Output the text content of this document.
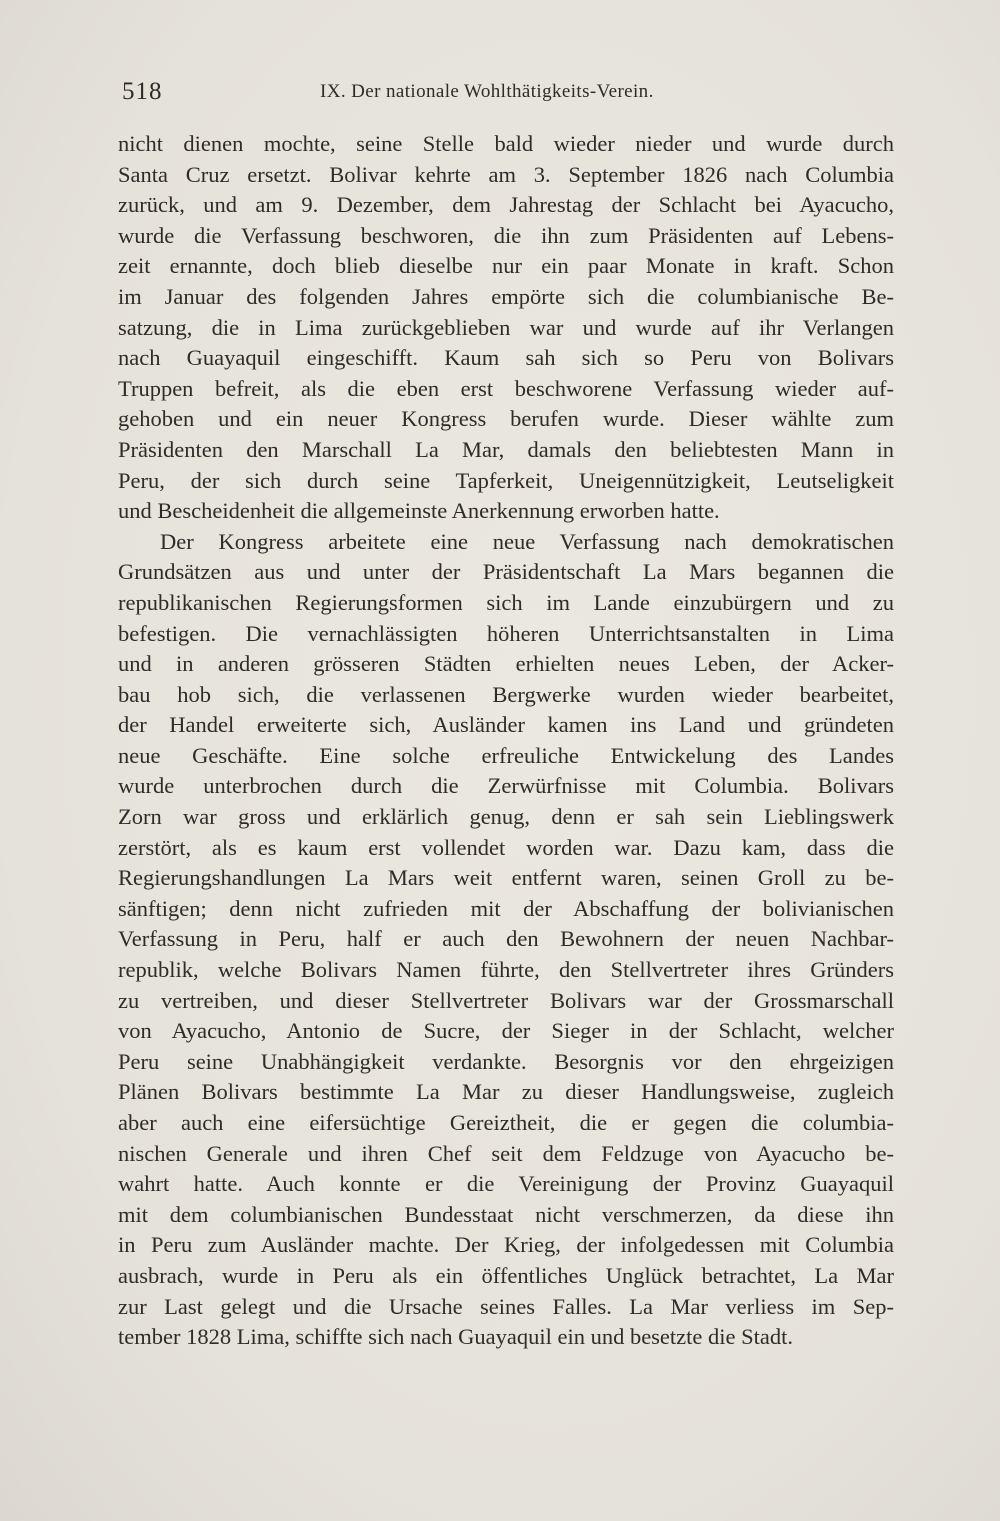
518	IX. Der nationale Wohlthätigkeits-Verein.
nicht dienen mochte, seine Stelle bald wieder nieder und wurde durch
Santa Cruz ersetzt. Bolivar kehrte am 3. September 1826 nach Columbia
zurück, und am 9. Dezember, dem Jahrestag der Schlacht bei Ayacucho,
wurde die Verfassung beschworen, die ihn zum Präsidenten auf Lebens-
zeit ernannte, doch blieb dieselbe nur ein paar Monate in kraft. Schon
im Januar des folgenden Jahres empörte sich die columbianische Be-
satzung, die in Lima zurückgeblieben war und wurde auf ihr Verlangen
nach Guayaquil eingeschifft. Kaum sah sich so Peru von Bolivars
Truppen befreit, als die eben erst beschworene Verfassung wieder auf-
gehoben und ein neuer Kongress berufen wurde. Dieser wählte zum
Präsidenten den Marschall La Mar, damals den beliebtesten Mann in
Peru, der sich durch seine Tapferkeit, Uneigennützigkeit, Leutseligkeit
und Bescheidenheit die allgemeinste Anerkennung erworben hatte.
Der Kongress arbeitete eine neue Verfassung nach demokratischen
Grundsätzen aus und unter der Präsidentschaft La Mars begannen die
republikanischen Regierungsformen sich im Lande einzubürgern und zu
befestigen. Die vernachlässigten höheren Unterrichtsanstalten in Lima
und in anderen grösseren Städten erhielten neues Leben, der Acker-
bau hob sich, die verlassenen Bergwerke wurden wieder bearbeitet,
der Handel erweiterte sich, Ausländer kamen ins Land und gründeten
neue Geschäfte. Eine solche erfreuliche Entwickelung des Landes
wurde unterbrochen durch die Zerwürfnisse mit Columbia. Bolivars
Zorn war gross und erklärlich genug, denn er sah sein Lieblingswerk
zerstört, als es kaum erst vollendet worden war. Dazu kam, dass die
Regierungshandlungen La Mars weit entfernt waren, seinen Groll zu be-
sänftigen; denn nicht zufrieden mit der Abschaffung der bolivianischen
Verfassung in Peru, half er auch den Bewohnern der neuen Nachbar-
republik, welche Bolivars Namen führte, den Stellvertreter ihres Gründers
zu vertreiben, und dieser Stellvertreter Bolivars war der Grossmarschall
von Ayacucho, Antonio de Sucre, der Sieger in der Schlacht, welcher
Peru seine Unabhängigkeit verdankte. Besorgnis vor den ehrgeizigen
Plänen Bolivars bestimmte La Mar zu dieser Handlungsweise, zugleich
aber auch eine eifersüchtige Gereiztheit, die er gegen die columbia-
nischen Generale und ihren Chef seit dem Feldzuge von Ayacucho be-
wahrt hatte. Auch konnte er die Vereinigung der Provinz Guayaquil
mit dem columbianischen Bundesstaat nicht verschmerzen, da diese ihn
in Peru zum Ausländer machte. Der Krieg, der infolgedessen mit Columbia
ausbrach, wurde in Peru als ein öffentliches Unglück betrachtet, La Mar
zur Last gelegt und die Ursache seines Falles. La Mar verliess im Sep-
tember 1828 Lima, schiffte sich nach Guayaquil ein und besetzte die Stadt.
